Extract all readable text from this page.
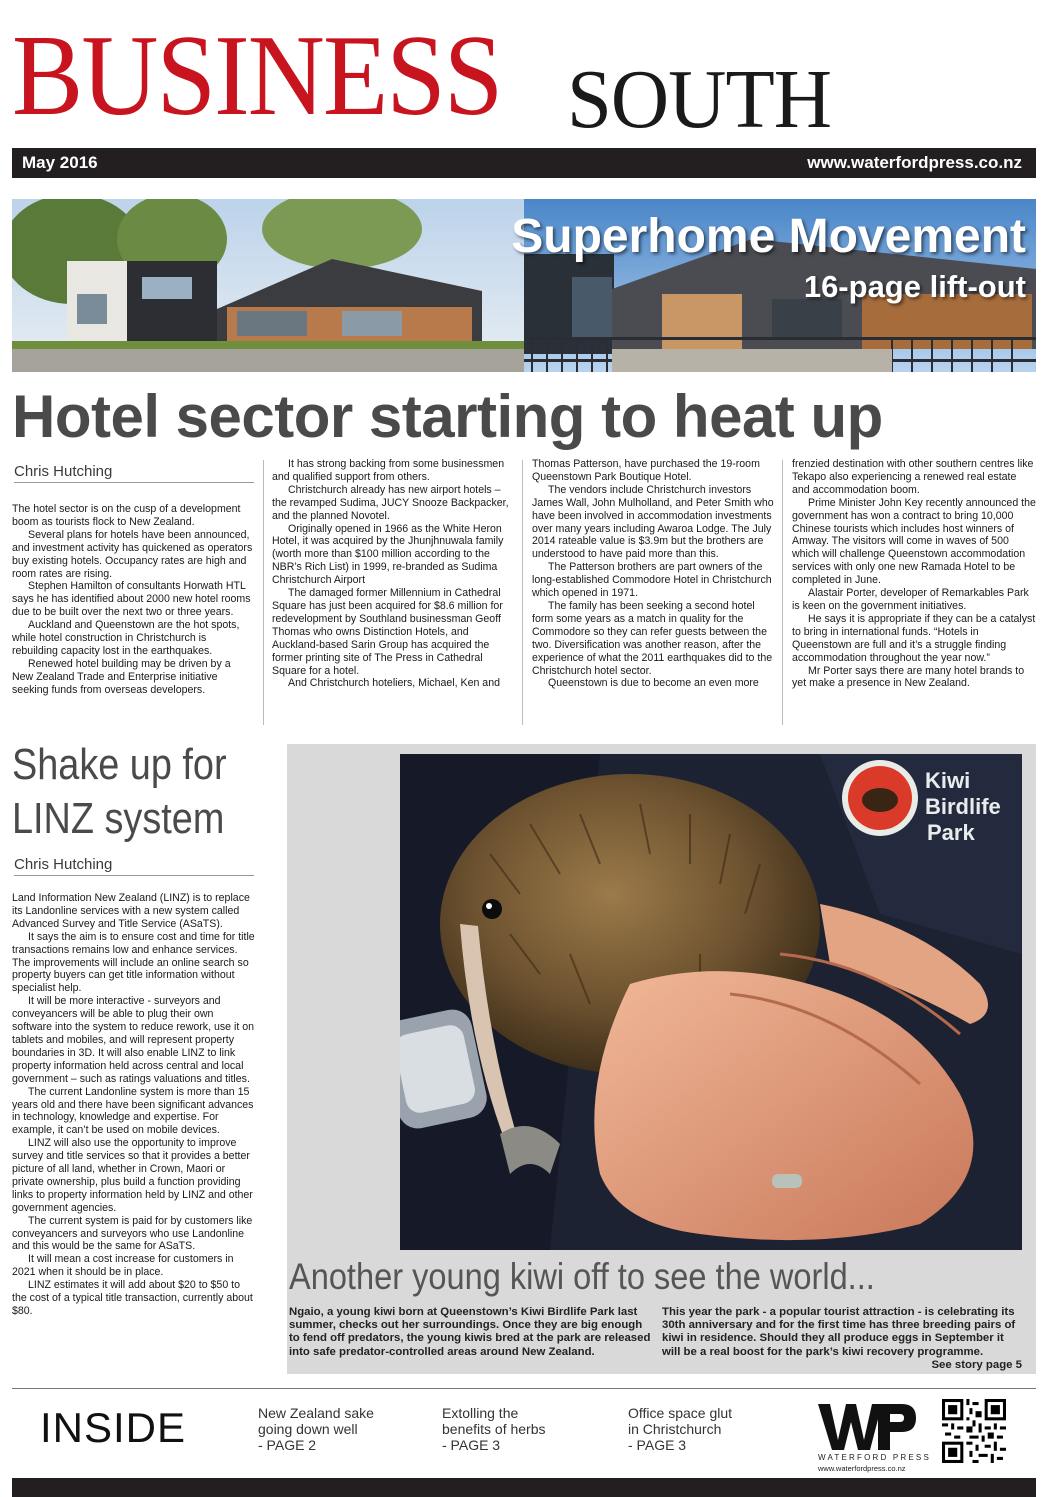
BUSINESS SOUTH
May 2016	www.waterfordpress.co.nz
Superhome Movement
16-page lift-out
Hotel sector starting to heat up
Chris Hutching

The hotel sector is on the cusp of a development boom as tourists flock to New Zealand.

Several plans for hotels have been announced, and investment activity has quickened as operators buy existing hotels. Occupancy rates are high and room rates are rising.

Stephen Hamilton of consultants Horwath HTL says he has identified about 2000 new hotel rooms due to be built over the next two or three years.

Auckland and Queenstown are the hot spots, while hotel construction in Christchurch is rebuilding capacity lost in the earthquakes.

Renewed hotel building may be driven by a New Zealand Trade and Enterprise initiative seeking funds from overseas developers.

It has strong backing from some businessmen and qualified support from others.

Christchurch already has new airport hotels – the revamped Sudima, JUCY Snooze Backpacker, and the planned Novotel.

Originally opened in 1966 as the White Heron Hotel, it was acquired by the Jhunjhnuwala family (worth more than $100 million according to the NBR’s Rich List) in 1999, re-branded as Sudima Christchurch Airport

The damaged former Millennium in Cathedral Square has just been acquired for $8.6 million for redevelopment by Southland businessman Geoff Thomas who owns Distinction Hotels, and Auckland-based Sarin Group has acquired the former printing site of The Press in Cathedral Square for a hotel.

And Christchurch hoteliers, Michael, Ken and

Thomas Patterson, have purchased the 19-room Queenstown Park Boutique Hotel.

The vendors include Christchurch investors James Wall, John Mulholland, and Peter Smith who have been involved in accommodation investments over many years including Awaroa Lodge. The July 2014 rateable value is $3.9m but the brothers are understood to have paid more than this.

The Patterson brothers are part owners of the long-established Commodore Hotel in Christchurch which opened in 1971.

The family has been seeking a second hotel form some years as a match in quality for the Commodore so they can refer guests between the two. Diversification was another reason, after the experience of what the 2011 earthquakes did to the Christchurch hotel sector.

Queenstown is due to become an even more

frenzied destination with other southern centres like Tekapo also experiencing a renewed real estate and accommodation boom.

Prime Minister John Key recently announced the government has won a contract to bring 10,000 Chinese tourists which includes host winners of Amway. The visitors will come in waves of 500 which will challenge Queenstown accommodation services with only one new Ramada Hotel to be completed in June.

Alastair Porter, developer of Remarkables Park is keen on the government initiatives.

He says it is appropriate if they can be a catalyst to bring in international funds. “Hotels in Queenstown are full and it’s a struggle finding accommodation throughout the year now.”

Mr Porter says there are many hotel brands to yet make a presence in New Zealand.

Shake up for
LINZ system
Chris Hutching

Land Information New Zealand (LINZ) is to replace its Landonline services with a new system called Advanced Survey and Title Service (ASaTS).

It says the aim is to ensure cost and time for title transactions remains low and enhance services. The improvements will include an online search so property buyers can get title information without specialist help.

It will be more interactive - surveyors and conveyancers will be able to plug their own software into the system to reduce rework, use it on tablets and mobiles, and will represent property boundaries in 3D. It will also enable LINZ to link property information held across central and local government – such as ratings valuations and titles.

The current Landonline system is more than 15 years old and there have been significant advances in technology, knowledge and expertise. For example, it can’t be used on mobile devices.

LINZ will also use the opportunity to improve survey and title services so that it provides a better picture of all land, whether in Crown, Maori or private ownership, plus build a function providing links to property information held by LINZ and other government agencies.

The current system is paid for by customers like conveyancers and surveyors who use Landonline and this would be the same for ASaTS.

It will mean a cost increase for customers in 2021 when it should be in place.

LINZ estimates it will add about $20 to $50 to the cost of a typical title transaction, currently about $80.

Kiwi
Birdlife
Park
Another young kiwi off to see the world...
Ngaio, a young kiwi born at Queenstown’s Kiwi Birdlife Park last summer, checks out her surroundings. Once they are big enough to fend off predators, the young kiwis bred at the park are released into safe predator-controlled areas around New Zealand.
This year the park - a popular tourist attraction - is celebrating its 30th anniversary and for the first time has three breeding pairs of kiwi in residence. Should they all produce eggs in September it will be a real boost for the park’s kiwi recovery programme.
See story page 5
INSIDE	New Zealand sake
going down well
- PAGE 2
Extolling the
benefits of herbs
- PAGE 3
Office space glut
in Christchurch
- PAGE 3
WATERFORD PRESS
www.waterfordpress.co.nz
